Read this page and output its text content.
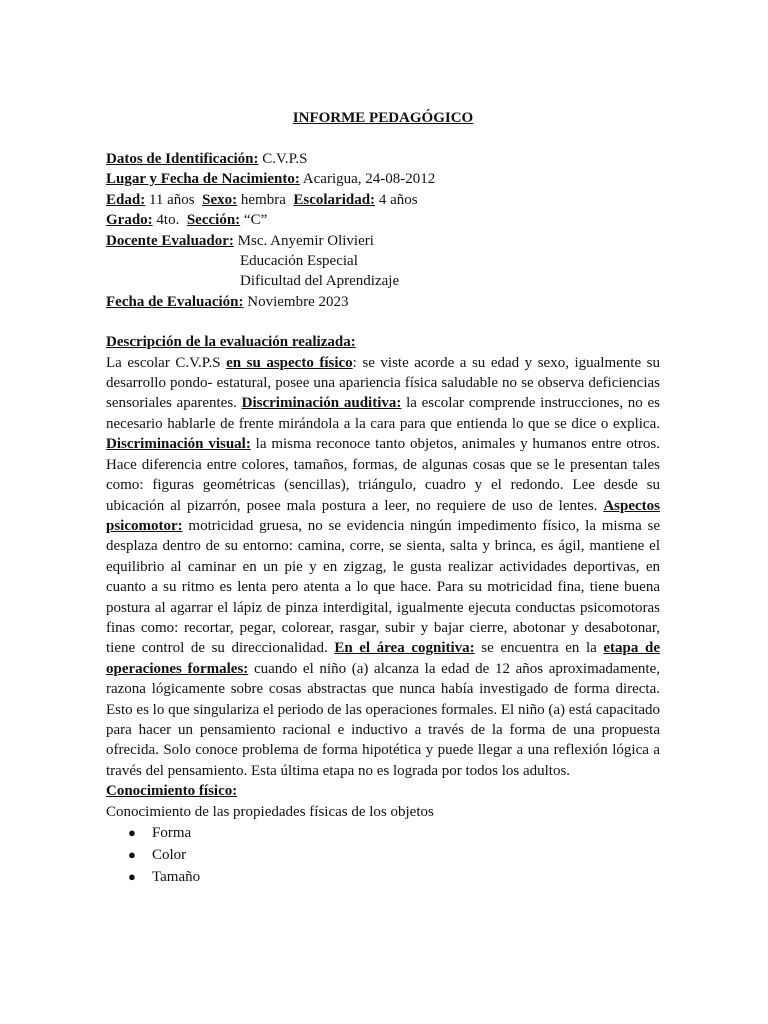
INFORME PEDAGÓGICO
Datos de Identificación: C.V.P.S
Lugar y Fecha de Nacimiento: Acarigua, 24-08-2012
Edad: 11 años  Sexo: hembra  Escolaridad: 4 años
Grado: 4to.  Sección: “C”
Docente Evaluador: Msc. Anyemir Olivieri
Educación Especial
Dificultad del Aprendizaje
Fecha de Evaluación: Noviembre 2023
Descripción de la evaluación realizada:
La escolar C.V.P.S en su aspecto físico: se viste acorde a su edad y sexo, igualmente su desarrollo pondo- estatural, posee una apariencia física saludable no se observa deficiencias sensoriales aparentes. Discriminación auditiva: la escolar comprende instrucciones, no es necesario hablarle de frente mirándola a la cara para que entienda lo que se dice o explica. Discriminación visual: la misma reconoce tanto objetos, animales y humanos entre otros. Hace diferencia entre colores, tamaños, formas, de algunas cosas que se le presentan tales como: figuras geométricas (sencillas), triángulo, cuadro y el redondo. Lee desde su ubicación al pizarrón, posee mala postura a leer, no requiere de uso de lentes. Aspectos psicomotor: motricidad gruesa, no se evidencia ningún impedimento físico, la misma se desplaza dentro de su entorno: camina, corre, se sienta, salta y brinca, es ágil, mantiene el equilibrio al caminar en un pie y en zigzag, le gusta realizar actividades deportivas, en cuanto a su ritmo es lenta pero atenta a lo que hace. Para su motricidad fina, tiene buena postura al agarrar el lápiz de pinza interdigital, igualmente ejecuta conductas psicomotoras finas como: recortar, pegar, colorear, rasgar, subir y bajar cierre, abotonar y desabotonar, tiene control de su direccionalidad. En el área cognitiva: se encuentra en la etapa de operaciones formales: cuando el niño (a) alcanza la edad de 12 años aproximadamente, razona lógicamente sobre cosas abstractas que nunca había investigado de forma directa. Esto es lo que singulariza el periodo de las operaciones formales. El niño (a) está capacitado para hacer un pensamiento racional e inductivo a través de la forma de una propuesta ofrecida. Solo conoce problema de forma hipotética y puede llegar a una reflexión lógica a través del pensamiento. Esta última etapa no es lograda por todos los adultos.
Conocimiento físico:
Conocimiento de las propiedades físicas de los objetos
● Forma
● Color
● Tamaño
